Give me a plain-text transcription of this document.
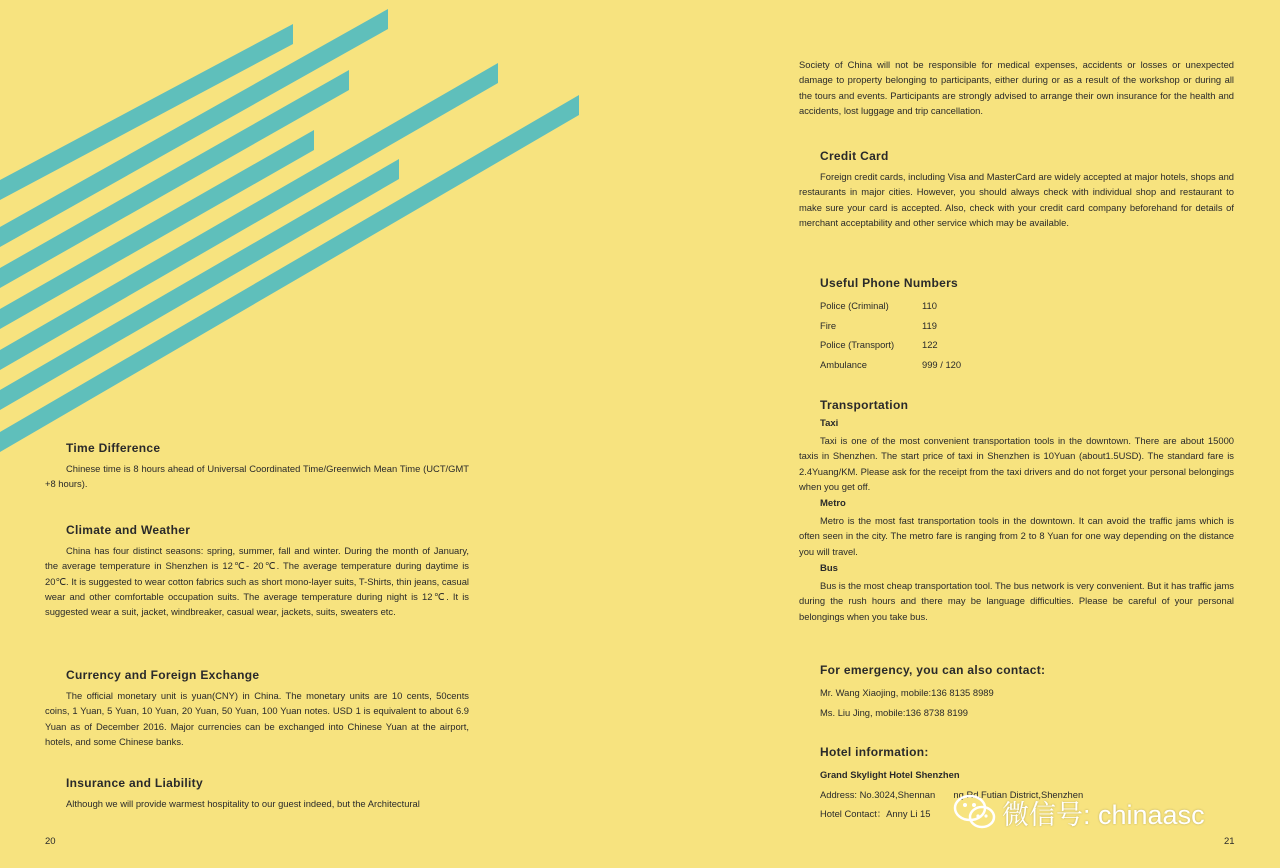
Time Difference

Chinese time is 8 hours ahead of Universal Coordinated Time/Greenwich Mean Time (UCT/GMT +8 hours).

Climate and Weather

China has four distinct seasons: spring, summer, fall and winter. During the month of January, the average temperature in Shenzhen is 12℃- 20℃. The average temperature during daytime is 20℃. It is suggested to wear cotton fabrics such as short mono-layer suits, T-Shirts, thin jeans, casual wear and other comfortable occupation suits. The average temperature during night is 12℃. It is suggested wear a suit, jacket, windbreaker, casual wear, jackets, suits, sweaters etc.

Currency and Foreign Exchange

The official monetary unit is yuan(CNY) in China. The monetary units are 10 cents, 50cents coins, 1 Yuan, 5 Yuan, 10 Yuan, 20 Yuan, 50 Yuan, 100 Yuan notes. USD 1 is equivalent to about 6.9 Yuan as of December 2016. Major currencies can be exchanged into Chinese Yuan at the airport, hotels, and some Chinese banks.

Insurance and Liability

Although we will provide warmest hospitality to our guest indeed, but the Architectural

20

Society of China will not be responsible for medical expenses, accidents or losses or unexpected damage to property belonging to participants, either during or as a result of the workshop or during all the tours and events. Participants are strongly advised to arrange their own insurance for the health and accidents, lost luggage and trip cancellation.

Credit Card

Foreign credit cards, including Visa and MasterCard are widely accepted at major hotels, shops and restaurants in major cities. However, you should always check with individual shop and restaurant to make sure your card is accepted. Also, check with your credit card company beforehand for details of merchant acceptability and other service which may be available.

Useful Phone Numbers
Police (Criminal)	110
Fire	119
Police (Transport)	122
Ambulance	999 / 120
Transportation
Taxi

Taxi is one of the most convenient transportation tools in the downtown. There are about 15000 taxis in Shenzhen. The start price of taxi in Shenzhen is 10Yuan (about1.5USD). The standard fare is 2.4Yuang/KM. Please ask for the receipt from the taxi drivers and do not forget your personal belongings when you get off.

Metro

Metro is the most fast transportation tools in the downtown. It can avoid the traffic jams which is often seen in the city. The metro fare is ranging from 2 to 8 Yuan for one way depending on the distance you will travel.

Bus

Bus is the most cheap transportation tool. The bus network is very convenient. But it has traffic jams during the rush hours and there may be language difficulties. Please be careful of your personal belongings when you take bus.

For emergency, you can also contact:
Mr. Wang Xiaojing, mobile:136 8135 8989
Ms. Liu Jing, mobile:136 8738 8199
Hotel information:
Grand Skylight Hotel Shenzhen
Address: No.3024,Shennan       ng Rd.Futian District,Shenzhen
Hotel Contact：Anny Li 15
21
微信号: chinaasc
